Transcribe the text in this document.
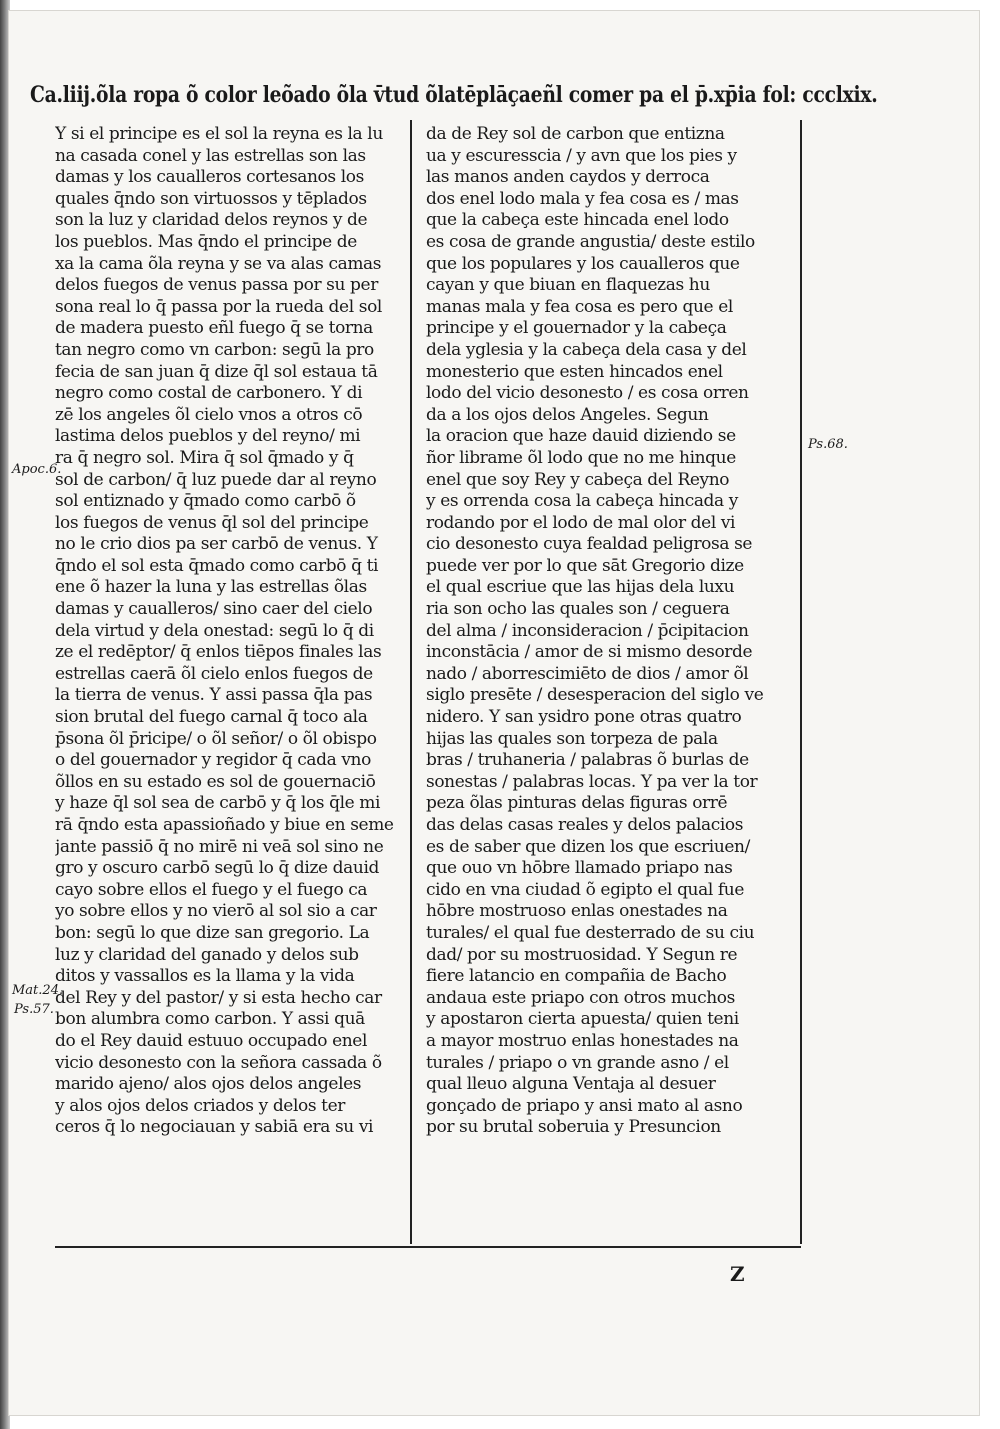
Ca.liij.õla ropa õ color leõado õla v̄tud õlatēplāçaeñl comer pa el p̄.xp̄ia fol: ccclxix.
Y si el principe es el sol la reyna es la lu
na casada conel y las estrellas son las
damas y los caualleros cortesanos los
quales q̄ndo son virtuossos y tēplados
son la luz y claridad delos reynos y de
los pueblos. Mas q̄ndo el principe de
xa la cama õla reyna y se va alas camas
delos fuegos de venus passa por su per
sona real lo q̄ passa por la rueda del sol
de madera puesto eñl fuego q̄ se torna
tan negro como vn carbon: segū la pro
fecia de san juan q̄ dize q̄l sol estaua tā
negro como costal de carbonero. Y di
zē los angeles õl cielo vnos a otros cō
lastima delos pueblos y del reyno/ mi
ra q̄ negro sol. Mira q̄ sol q̄mado y q̄
sol de carbon/ q̄ luz puede dar al reyno
sol entiznado y q̄mado como carbō õ
los fuegos de venus q̄l sol del principe
no le crio dios pa ser carbō de venus. Y
q̄ndo el sol esta q̄mado como carbō q̄ ti
ene õ hazer la luna y las estrellas õlas
damas y caualleros/ sino caer del cielo
dela virtud y dela onestad: segū lo q̄ di
ze el redēptor/ q̄ enlos tiēpos finales las
estrellas caerā õl cielo enlos fuegos de
la tierra de venus. Y assi passa q̄la pas
sion brutal del fuego carnal q̄ toco ala
p̄sona õl p̄ricipe/ o õl señor/ o õl obispo
o del gouernador y regidor q̄ cada vno
õllos en su estado es sol de gouernaciō
y haze q̄l sol sea de carbō y q̄ los q̄le mi
rā q̄ndo esta apassioñado y biue en seme
jante passiō q̄ no mirē ni veā sol sino ne
gro y oscuro carbō segū lo q̄ dize dauid
cayo sobre ellos el fuego y el fuego ca
yo sobre ellos y no vierō al sol sio a car
bon: segū lo que dize san gregorio. La
luz y claridad del ganado y delos sub
ditos y vassallos es la llama y la vida
del Rey y del pastor/ y si esta hecho car
bon alumbra como carbon. Y assi quā
do el Rey dauid estuuo occupado enel
vicio desonesto con la señora cassada õ
marido ajeno/ alos ojos delos angeles
y alos ojos delos criados y delos ter
ceros q̄ lo negociauan y sabiā era su vi
da de Rey sol de carbon que entizna
ua y escuresscia / y avn que los pies y
las manos anden caydos y derroca
dos enel lodo mala y fea cosa es / mas
que la cabeça este hincada enel lodo
es cosa de grande angustia/ deste estilo
que los populares y los caualleros que
cayan y que biuan en flaquezas hu
manas mala y fea cosa es pero que el
principe y el gouernador y la cabeça
dela yglesia y la cabeça dela casa y del
monesterio que esten hincados enel
lodo del vicio desonesto / es cosa orren
da a los ojos delos Angeles. Segun
la oracion que haze dauid diziendo se
ñor librame õl lodo que no me hinque
enel que soy Rey y cabeça del Reyno
y es orrenda cosa la cabeça hincada y
rodando por el lodo de mal olor del vi
cio desonesto cuya fealdad peligrosa se
puede ver por lo que sāt Gregorio dize
el qual escriue que las hijas dela luxu
ria son ocho las quales son / ceguera
del alma / inconsideracion / p̄cipitacion
inconstācia / amor de si mismo desorde
nado / aborrescimiēto de dios / amor õl
siglo presēte / desesperacion del siglo ve
nidero. Y san ysidro pone otras quatro
hijas las quales son torpeza de pala
bras / truhaneria / palabras õ burlas de
sonestas / palabras locas. Y pa ver la tor
peza õlas pinturas delas figuras orrē
das delas casas reales y delos palacios
es de saber que dizen los que escriuen/
que ouo vn hōbre llamado priapo nas
cido en vna ciudad õ egipto el qual fue
hōbre mostruoso enlas onestades na
turales/ el qual fue desterrado de su ciu
dad/ por su mostruosidad. Y Segun re
fiere latancio en compañia de Bacho
andaua este priapo con otros muchos
y apostaron cierta apuesta/ quien teni
a mayor mostruo enlas honestades na
turales / priapo o vn grande asno / el
qual lleuo alguna Ventaja al desuer
gonçado de priapo y ansi mato al asno
por su brutal soberuia y Presuncion
Apoc.6.
Mat.24.
Ps.57.
Ps.68.
Z
